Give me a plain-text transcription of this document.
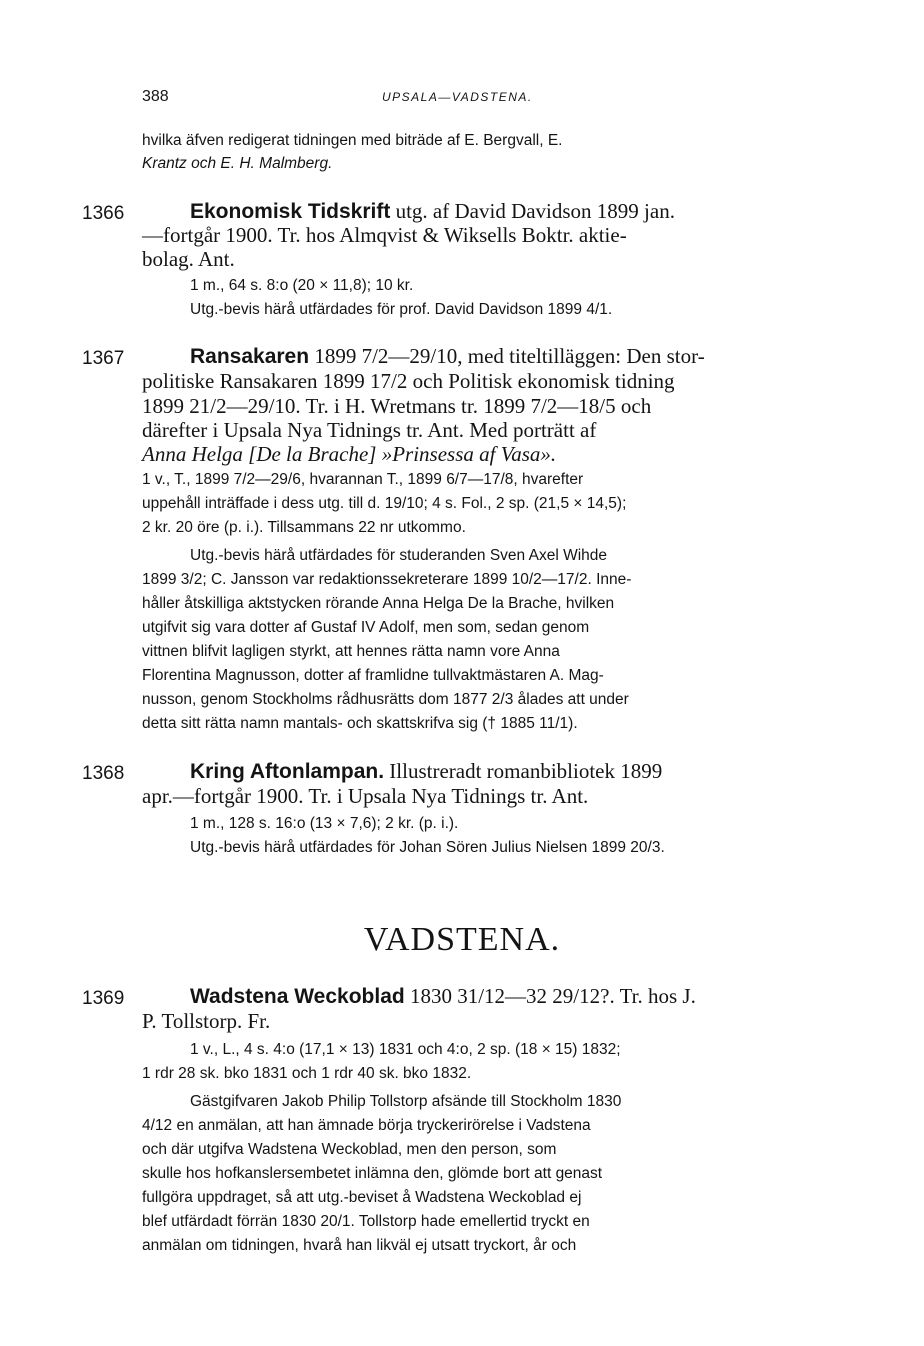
388	UPSALA—VADSTENA.
hvilka äfven redigerat tidningen med biträde af E. Bergvall, E.
Krantz och E. H. Malmberg.
1366	Ekonomisk Tidskrift utg. af David Davidson 1899 jan.
—fortgår 1900. Tr. hos Almqvist & Wiksells Boktr. aktie-
bolag. Ant.
1 m., 64 s. 8:o (20 × 11,8); 10 kr.
Utg.-bevis härå utfärdades för prof. David Davidson 1899 4/1.
1367	Ransakaren 1899 7/2—29/10, med titeltilläggen: Den stor-
politiske Ransakaren 1899 17/2 och Politisk ekonomisk tidning
1899 21/2—29/10. Tr. i H. Wretmans tr. 1899 7/2—18/5 och
därefter i Upsala Nya Tidnings tr. Ant. Med porträtt af
Anna Helga [De la Brache] »Prinsessa af Vasa».
1 v., T., 1899 7/2—29/6, hvarannan T., 1899 6/7—17/8, hvarefter
uppehåll inträffade i dess utg. till d. 19/10; 4 s. Fol., 2 sp. (21,5 × 14,5);
2 kr. 20 öre (p. i.). Tillsammans 22 nr utkommo.
Utg.-bevis härå utfärdades för studeranden Sven Axel Wihde
1899 3/2; C. Jansson var redaktionssekreterare 1899 10/2—17/2. Inne-
håller åtskilliga aktstycken rörande Anna Helga De la Brache, hvilken
utgifvit sig vara dotter af Gustaf IV Adolf, men som, sedan genom
vittnen blifvit lagligen styrkt, att hennes rätta namn vore Anna
Florentina Magnusson, dotter af framlidne tullvaktmästaren A. Mag-
nusson, genom Stockholms rådhusrätts dom 1877 2/3 ålades att under
detta sitt rätta namn mantals- och skattskrifva sig († 1885 11/1).
1368	Kring Aftonlampan. Illustreradt romanbibliotek 1899
apr.—fortgår 1900. Tr. i Upsala Nya Tidnings tr. Ant.
1 m., 128 s. 16:o (13 × 7,6); 2 kr. (p. i.).
Utg.-bevis härå utfärdades för Johan Sören Julius Nielsen 1899 20/3.
VADSTENA.
1369	Wadstena Weckoblad 1830 31/12—32 29/12?. Tr. hos J.
P. Tollstorp. Fr.
1 v., L., 4 s. 4:o (17,1 × 13) 1831 och 4:o, 2 sp. (18 × 15) 1832;
1 rdr 28 sk. bko 1831 och 1 rdr 40 sk. bko 1832.
Gästgifvaren Jakob Philip Tollstorp afsände till Stockholm 1830
4/12 en anmälan, att han ämnade börja tryckerirörelse i Vadstena
och där utgifva Wadstena Weckoblad, men den person, som
skulle hos hofkanslersembetet inlämna den, glömde bort att genast
fullgöra uppdraget, så att utg.-beviset å Wadstena Weckoblad ej
blef utfärdadt förrän 1830 20/1. Tollstorp hade emellertid tryckt en
anmälan om tidningen, hvarå han likväl ej utsatt tryckort, år och
